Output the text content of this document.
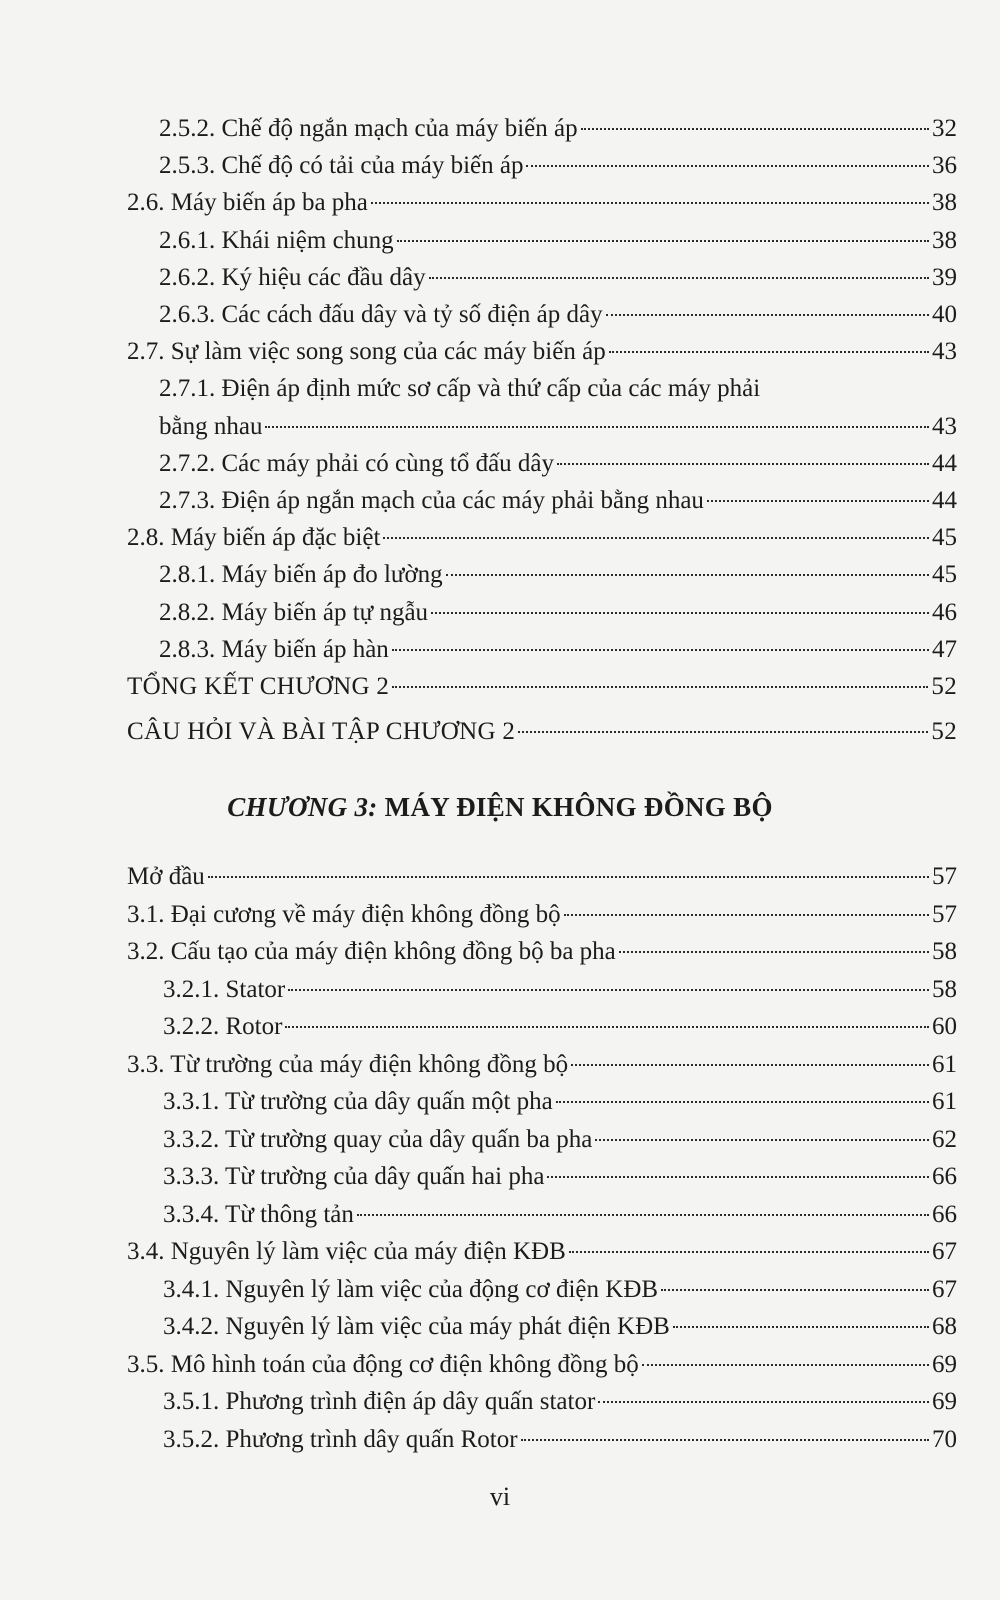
2.5.2. Chế độ ngắn mạch của máy biến áp	32
2.5.3. Chế độ có tải của máy biến áp	36
2.6. Máy biến áp ba pha	38
2.6.1. Khái niệm chung	38
2.6.2. Ký hiệu các đầu dây	39
2.6.3. Các cách đấu dây và tỷ số điện áp dây	40
2.7. Sự làm việc song song của các máy biến áp	43
2.7.1. Điện áp định mức sơ cấp và thứ cấp của các máy phải
bằng nhau	43
2.7.2. Các máy phải có cùng tổ đấu dây	44
2.7.3. Điện áp ngắn mạch của các máy phải bằng nhau	44
2.8. Máy biến áp đặc biệt	45
2.8.1. Máy biến áp đo lường	45
2.8.2. Máy biến áp tự ngẫu	46
2.8.3. Máy biến áp hàn	47
TỔNG KẾT CHƯƠNG 2	52
CÂU HỎI VÀ BÀI TẬP CHƯƠNG 2	52
CHƯƠNG 3: MÁY ĐIỆN KHÔNG ĐỒNG BỘ
Mở đầu	57
3.1. Đại cương về máy điện không đồng bộ	57
3.2. Cấu tạo của máy điện không đồng bộ ba pha	58
3.2.1. Stator	58
3.2.2. Rotor	60
3.3. Từ trường của máy điện không đồng bộ	61
3.3.1. Từ trường của dây quấn một pha	61
3.3.2. Từ trường quay của dây quấn ba pha	62
3.3.3. Từ trường của dây quấn hai pha	66
3.3.4. Từ thông tản	66
3.4. Nguyên lý làm việc của máy điện KĐB	67
3.4.1. Nguyên lý làm việc của động cơ điện KĐB	67
3.4.2. Nguyên lý làm việc của máy phát điện KĐB	68
3.5. Mô hình toán của động cơ điện không đồng bộ	69
3.5.1. Phương trình điện áp dây quấn stator	69
3.5.2. Phương trình dây quấn Rotor	70
vi
